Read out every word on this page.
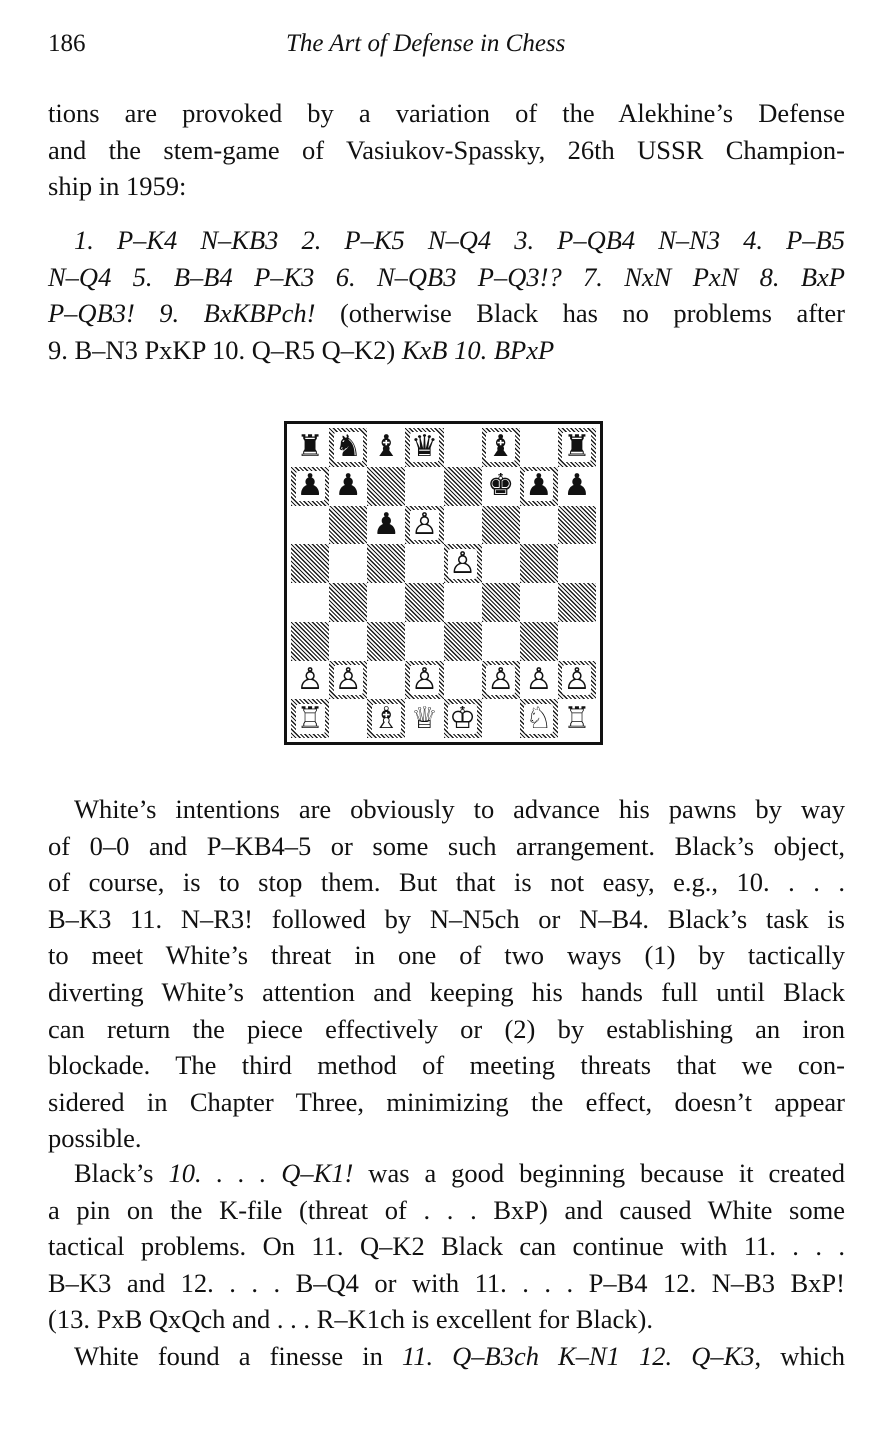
186	The Art of Defense in Chess
tions are provoked by a variation of the Alekhine’s Defense
and the stem-game of Vasiukov-Spassky, 26th USSR Champion-
ship in 1959:
1. P–K4 N–KB3 2. P–K5 N–Q4 3. P–QB4 N–N3 4. P–B5
N–Q4 5. B–B4 P–K3 6. N–QB3 P–Q3!? 7. NxN PxN 8. BxP
P–QB3! 9. BxKBPch! (otherwise Black has no problems after
9. B–N3 PxKP 10. Q–R5 Q–K2) KxB 10. BPxP
♜ ♞ ♝ ♛ ♝ ♜
♟ ♟	♚ ♟ ♟
♟ ♙
♙
♙ ♙ ♙ ♙ ♙ ♙
♖ ♗ ♕ ♔ ♘ ♖
White’s intentions are obviously to advance his pawns by way
of 0–0 and P–KB4–5 or some such arrangement. Black’s object,
of course, is to stop them. But that is not easy, e.g., 10. . . .
B–K3 11. N–R3! followed by N–N5ch or N–B4. Black’s task is
to meet White’s threat in one of two ways (1) by tactically
diverting White’s attention and keeping his hands full until Black
can return the piece effectively or (2) by establishing an iron
blockade. The third method of meeting threats that we con-
sidered in Chapter Three, minimizing the effect, doesn’t appear
possible.
Black’s 10. . . . Q–K1! was a good beginning because it created
a pin on the K-file (threat of . . . BxP) and caused White some
tactical problems. On 11. Q–K2 Black can continue with 11. . . .
B–K3 and 12. . . . B–Q4 or with 11. . . . P–B4 12. N–B3 BxP!
(13. PxB QxQch and . . . R–K1ch is excellent for Black).
White found a finesse in 11. Q–B3ch K–N1 12. Q–K3, which
